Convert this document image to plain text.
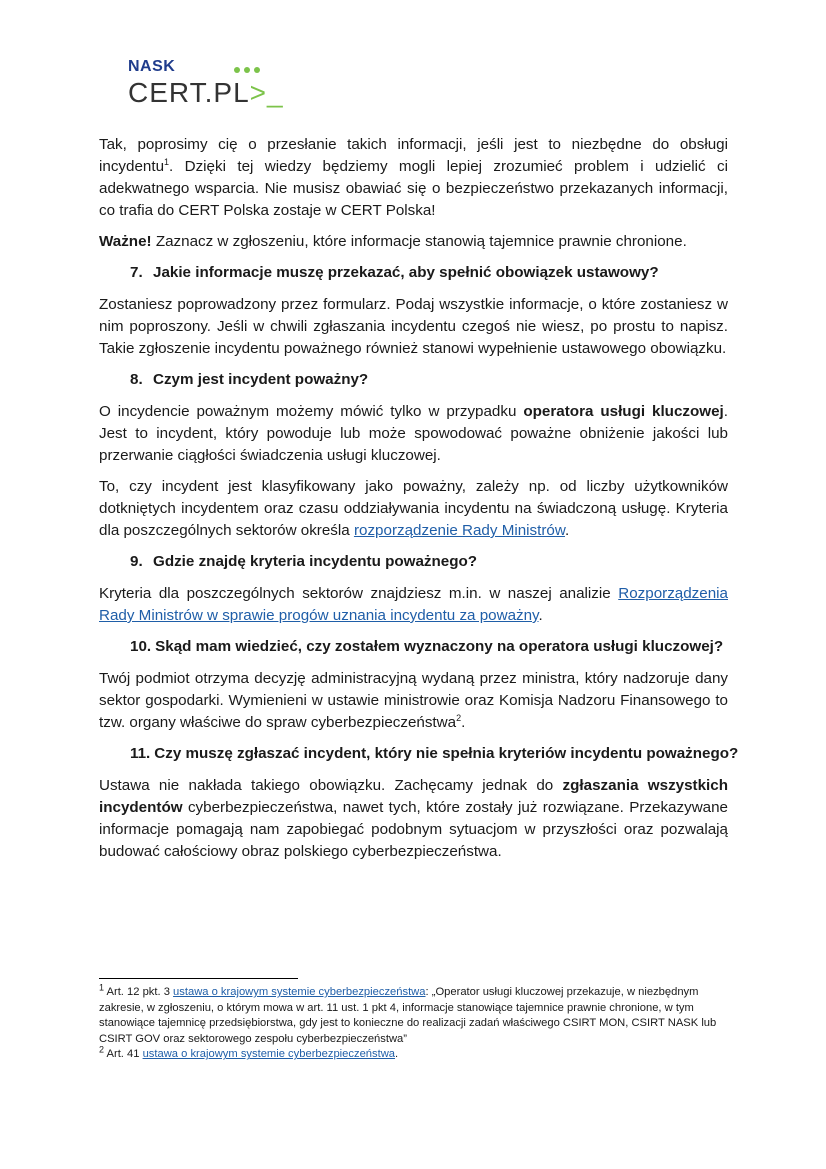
NASK
CERT.PL>_

Tak, poprosimy cię o przesłanie takich informacji, jeśli jest to niezbędne do obsługi incydentu$^1$. Dzięki tej wiedzy będziemy mogli lepiej zrozumieć problem i udzielić ci adekwatnego wsparcia. Nie musisz obawiać się o bezpieczeństwo przekazanych informacji, co trafia do CERT Polska zostaje w CERT Polska!

Ważne! Zaznacz w zgłoszeniu, które informacje stanowią tajemnice prawnie chronione.

7. Jakie informacje muszę przekazać, aby spełnić obowiązek ustawowy?

Zostaniesz poprowadzony przez formularz. Podaj wszystkie informacje, o które zostaniesz w nim poproszony. Jeśli w chwili zgłaszania incydentu czegoś nie wiesz, po prostu to napisz. Takie zgłoszenie incydentu poważnego również stanowi wypełnienie ustawowego obowiązku.

8. Czym jest incydent poważny?

O incydencie poważnym możemy mówić tylko w przypadku operatora usługi kluczowej. Jest to incydent, który powoduje lub może spowodować poważne obniżenie jakości lub przerwanie ciągłości świadczenia usługi kluczowej.

To, czy incydent jest klasyfikowany jako poważny, zależy np. od liczby użytkowników dotkniętych incydentem oraz czasu oddziaływania incydentu na świadczoną usługę. Kryteria dla poszczególnych sektorów określa rozporządzenie Rady Ministrów.

9. Gdzie znajdę kryteria incydentu poważnego?

Kryteria dla poszczególnych sektorów znajdziesz m.in. w naszej analizie Rozporządzenia Rady Ministrów w sprawie progów uznania incydentu za poważny.

10. Skąd mam wiedzieć, czy zostałem wyznaczony na operatora usługi kluczowej?

Twój podmiot otrzyma decyzję administracyjną wydaną przez ministra, który nadzoruje dany sektor gospodarki. Wymienieni w ustawie ministrowie oraz Komisja Nadzoru Finansowego to tzw. organy właściwe do spraw cyberbezpieczeństwa$^2$.

11. Czy muszę zgłaszać incydent, który nie spełnia kryteriów incydentu poważnego?

Ustawa nie nakłada takiego obowiązku. Zachęcamy jednak do zgłaszania wszystkich incydentów cyberbezpieczeństwa, nawet tych, które zostały już rozwiązane. Przekazywane informacje pomagają nam zapobiegać podobnym sytuacjom w przyszłości oraz pozwalają budować całościowy obraz polskiego cyberbezpieczeństwa.

$^1$ Art. 12 pkt. 3 ustawa o krajowym systemie cyberbezpieczeństwa: „Operator usługi kluczowej przekazuje, w niezbędnym zakresie, w zgłoszeniu, o którym mowa w art. 11 ust. 1 pkt 4, informacje stanowiące tajemnice prawnie chronione, w tym stanowiące tajemnicę przedsiębiorstwa, gdy jest to konieczne do realizacji zadań właściwego CSIRT MON, CSIRT NASK lub CSIRT GOV oraz sektorowego zespołu cyberbezpieczeństwa”

$^2$ Art. 41 ustawa o krajowym systemie cyberbezpieczeństwa.
